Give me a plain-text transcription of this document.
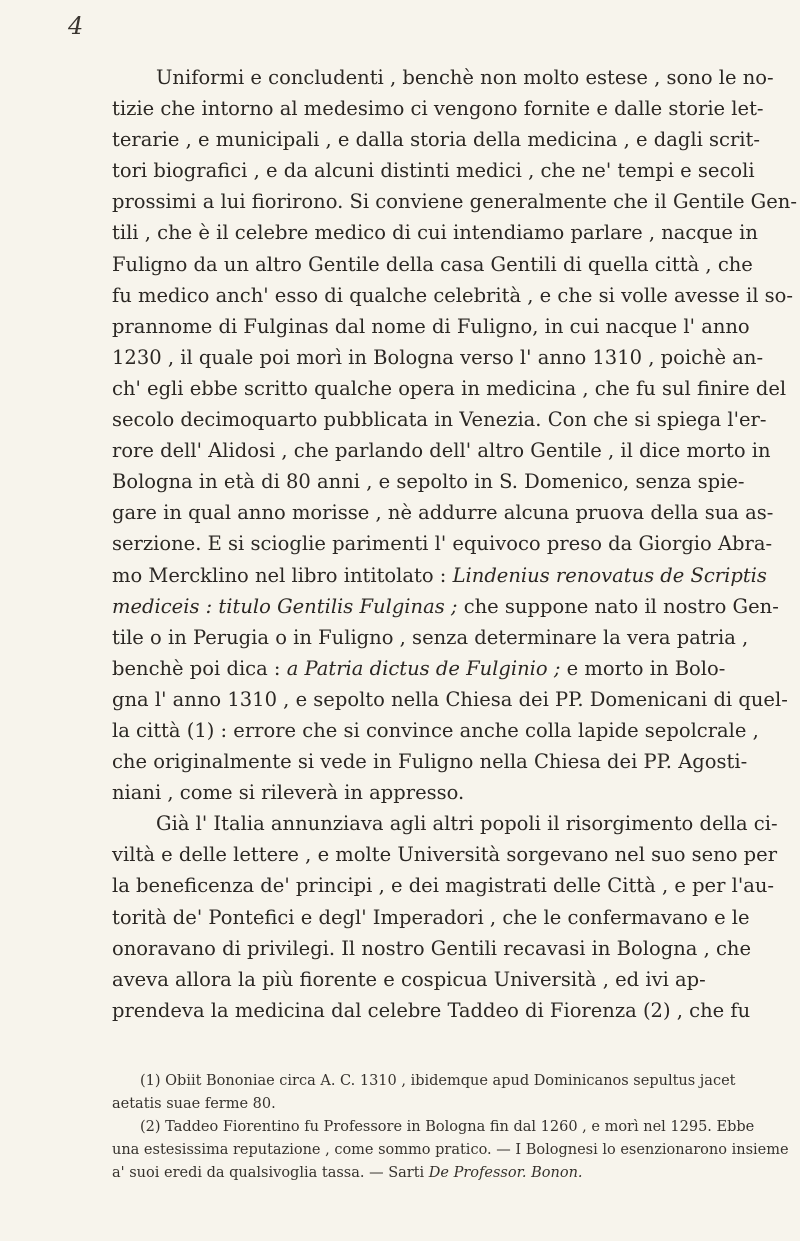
4
Uniformi e concludenti , benchè non molto estese , sono le no-
tizie che intorno al medesimo ci vengono fornite e dalle storie let-
terarie , e municipali , e dalla storia della medicina , e dagli scrit-
tori biografici , e da alcuni distinti medici , che ne' tempi e secoli
prossimi a lui fiorirono. Si conviene generalmente che il Gentile Gen-
tili , che è il celebre medico di cui intendiamo parlare , nacque in
Fuligno da un altro Gentile della casa Gentili di quella città , che
fu medico anch' esso di qualche celebrità , e che si volle avesse il so-
prannome di Fulginas dal nome di Fuligno, in cui nacque l' anno
1230 , il quale poi morì in Bologna verso l' anno 1310 , poichè an-
ch' egli ebbe scritto qualche opera in medicina , che fu sul finire del
secolo decimoquarto pubblicata in Venezia. Con che si spiega l'er-
rore dell' Alidosi , che parlando dell' altro Gentile , il dice morto in
Bologna in età di 80 anni , e sepolto in S. Domenico, senza spie-
gare in qual anno morisse , nè addurre alcuna pruova della sua as-
serzione. E si scioglie parimenti l' equivoco preso da Giorgio Abra-
mo Mercklino nel libro intitolato : Lindenius renovatus de Scriptis
mediceis : titulo Gentilis Fulginas ; che suppone nato il nostro Gen-
tile o in Perugia o in Fuligno , senza determinare la vera patria ,
benchè poi dica : a Patria dictus de Fulginio ; e morto in Bolo-
gna l' anno 1310 , e sepolto nella Chiesa dei PP. Domenicani di quel-
la città (1) : errore che si convince anche colla lapide sepolcrale ,
che originalmente si vede in Fuligno nella Chiesa dei PP. Agosti-
niani , come si rileverà in appresso.
Già l' Italia annunziava agli altri popoli il risorgimento della ci-
viltà e delle lettere , e molte Università sorgevano nel suo seno per
la beneficenza de' principi , e dei magistrati delle Città , e per l'au-
torità de' Pontefici e degl' Imperadori , che le confermavano e le
onoravano di privilegi. Il nostro Gentili recavasi in Bologna , che
aveva allora la più fiorente e cospicua Università , ed ivi ap-
prendeva la medicina dal celebre Taddeo di Fiorenza (2) , che fu
(1) Obiit Bononiae circa A. C. 1310 , ibidemque apud Dominicanos sepultus jacet
aetatis suae ferme 80.
(2) Taddeo Fiorentino fu Professore in Bologna fin dal 1260 , e morì nel 1295. Ebbe
una estesissima reputazione , come sommo pratico. — I Bolognesi lo esenzionarono insieme
a' suoi eredi da qualsivoglia tassa. — Sarti De Professor. Bonon.
